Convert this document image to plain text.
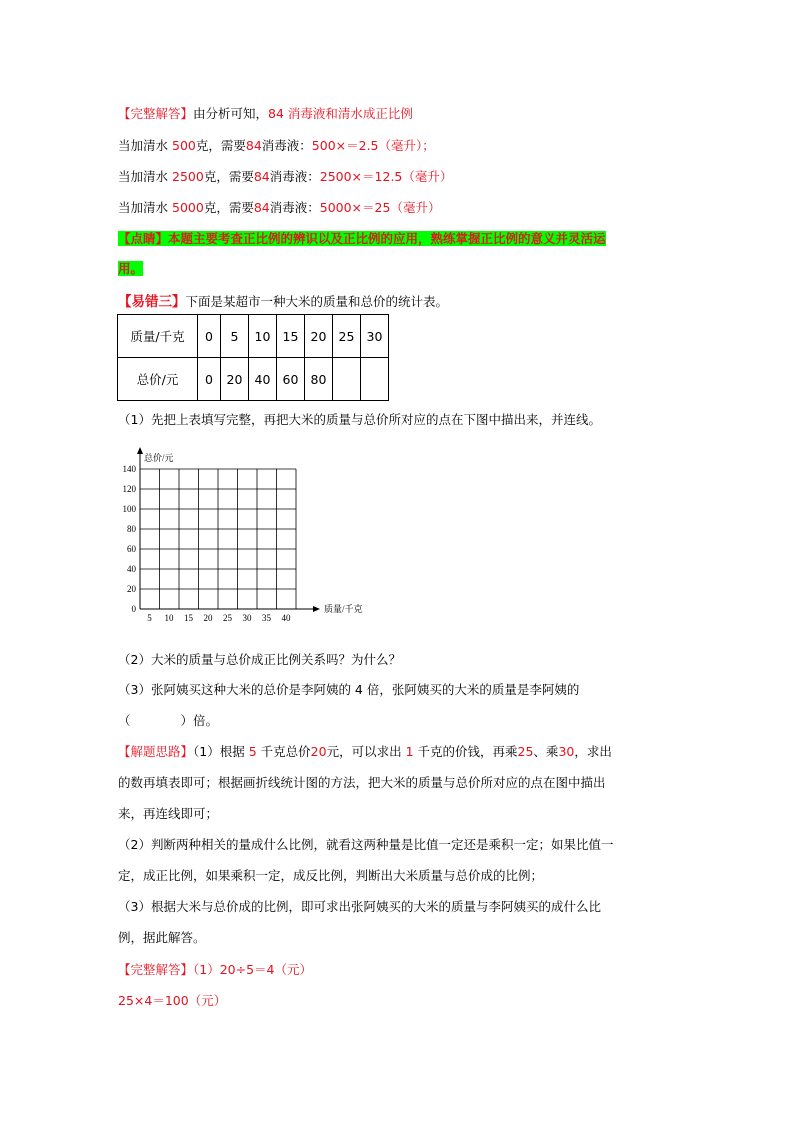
【完整解答】由分析可知，84 消毒液和清水成正比例
当加清水 500克，需要84消毒液：500×＝2.5（毫升）；
当加清水 2500克，需要84消毒液：2500×＝12.5（毫升）
当加清水 5000克，需要84消毒液：5000×＝25（毫升）
【点睛】本题主要考查正比例的辨识以及正比例的应用，熟练掌握正比例的意义并灵活运
用。
【易错三】下面是某超市一种大米的质量和总价的统计表。
质量/千克	0	5	10	15	20	25	30
总价/元	0	20	40	60	80		
（1）先把上表填写完整，再把大米的质量与总价所对应的点在下图中描出来，并连线。
5 10 15 20 25 30 35 40
0
20
40
60
80
100
120
140
总价/元
质量/千克
（2）大米的质量与总价成正比例关系吗？为什么？
（3）张阿姨买这种大米的总价是李阿姨的 4 倍，张阿姨买的大米的质量是李阿姨的
（　　　　）倍。
【解题思路】（1）根据 5 千克总价20元，可以求出 1 千克的价钱，再乘25、乘30，求出
的数再填表即可；根据画折线统计图的方法，把大米的质量与总价所对应的点在图中描出
来，再连线即可；
（2）判断两种相关的量成什么比例，就看这两种量是比值一定还是乘积一定；如果比值一
定，成正比例，如果乘积一定，成反比例，判断出大米质量与总价成的比例；
（3）根据大米与总价成的比例，即可求出张阿姨买的大米的质量与李阿姨买的成什么比
例，据此解答。
【完整解答】（1）20÷5＝4（元）
25×4＝100（元）
